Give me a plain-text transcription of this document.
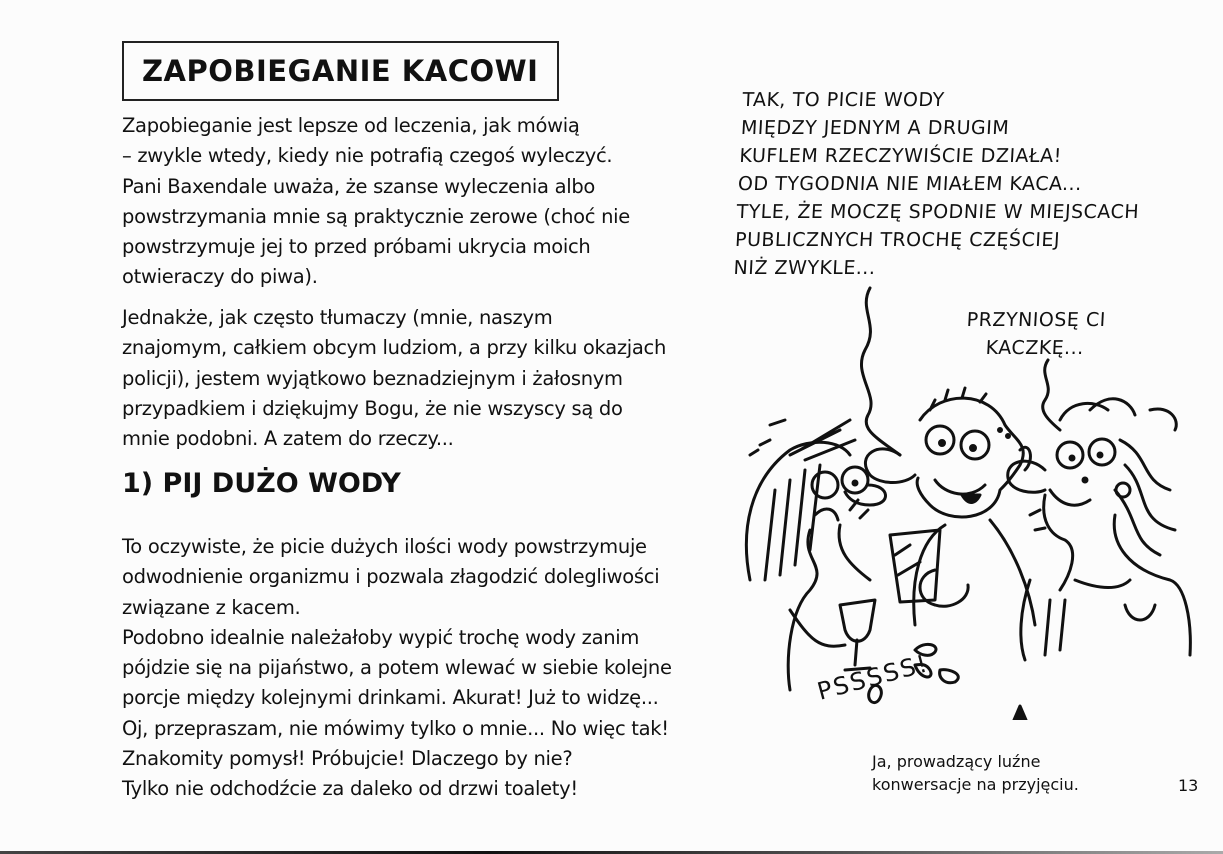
ZAPOBIEGANIE KACOWI

Zapobieganie jest lepsze od leczenia, jak mówią
– zwykle wtedy, kiedy nie potrafią czegoś wyleczyć.
Pani Baxendale uważa, że szanse wyleczenia albo
powstrzymania mnie są praktycznie zerowe (choć nie
powstrzymuje jej to przed próbami ukrycia moich
otwieraczy do piwa).

Jednakże, jak często tłumaczy (mnie, naszym
znajomym, całkiem obcym ludziom, a przy kilku okazjach
policji), jestem wyjątkowo beznadziejnym i żałosnym
przypadkiem i dziękujmy Bogu, że nie wszyscy są do
mnie podobni. A zatem do rzeczy...

1) PIJ DUŻO WODY

To oczywiste, że picie dużych ilości wody powstrzymuje
odwodnienie organizmu i pozwala złagodzić dolegliwości
związane z kacem.
Podobno idealnie należałoby wypić trochę wody zanim
pójdzie się na pijaństwo, a potem wlewać w siebie kolejne
porcje między kolejnymi drinkami. Akurat! Już to widzę...
Oj, przepraszam, nie mówimy tylko o mnie... No więc tak!
Znakomity pomysł! Próbujcie! Dlaczego by nie?

Tylko nie odchodźcie za daleko od drzwi toalety!

TAK, TO PICIE WODY
MIĘDZY JEDNYM A DRUGIM
KUFLEM RZECZYWIŚCIE DZIAŁA!
OD TYGODNIA NIE MIAŁEM KACA...
TYLE, ŻE MOCZĘ SPODNIE W MIEJSCACH
PUBLICZNYCH TROCHĘ CZĘŚCIEJ
NIŻ ZWYKLE...

PRZYNIOSĘ CI
KACZKĘ...

PSSSSS!

Ja, prowadzący luźne
konwersacje na przyjęciu.	13
